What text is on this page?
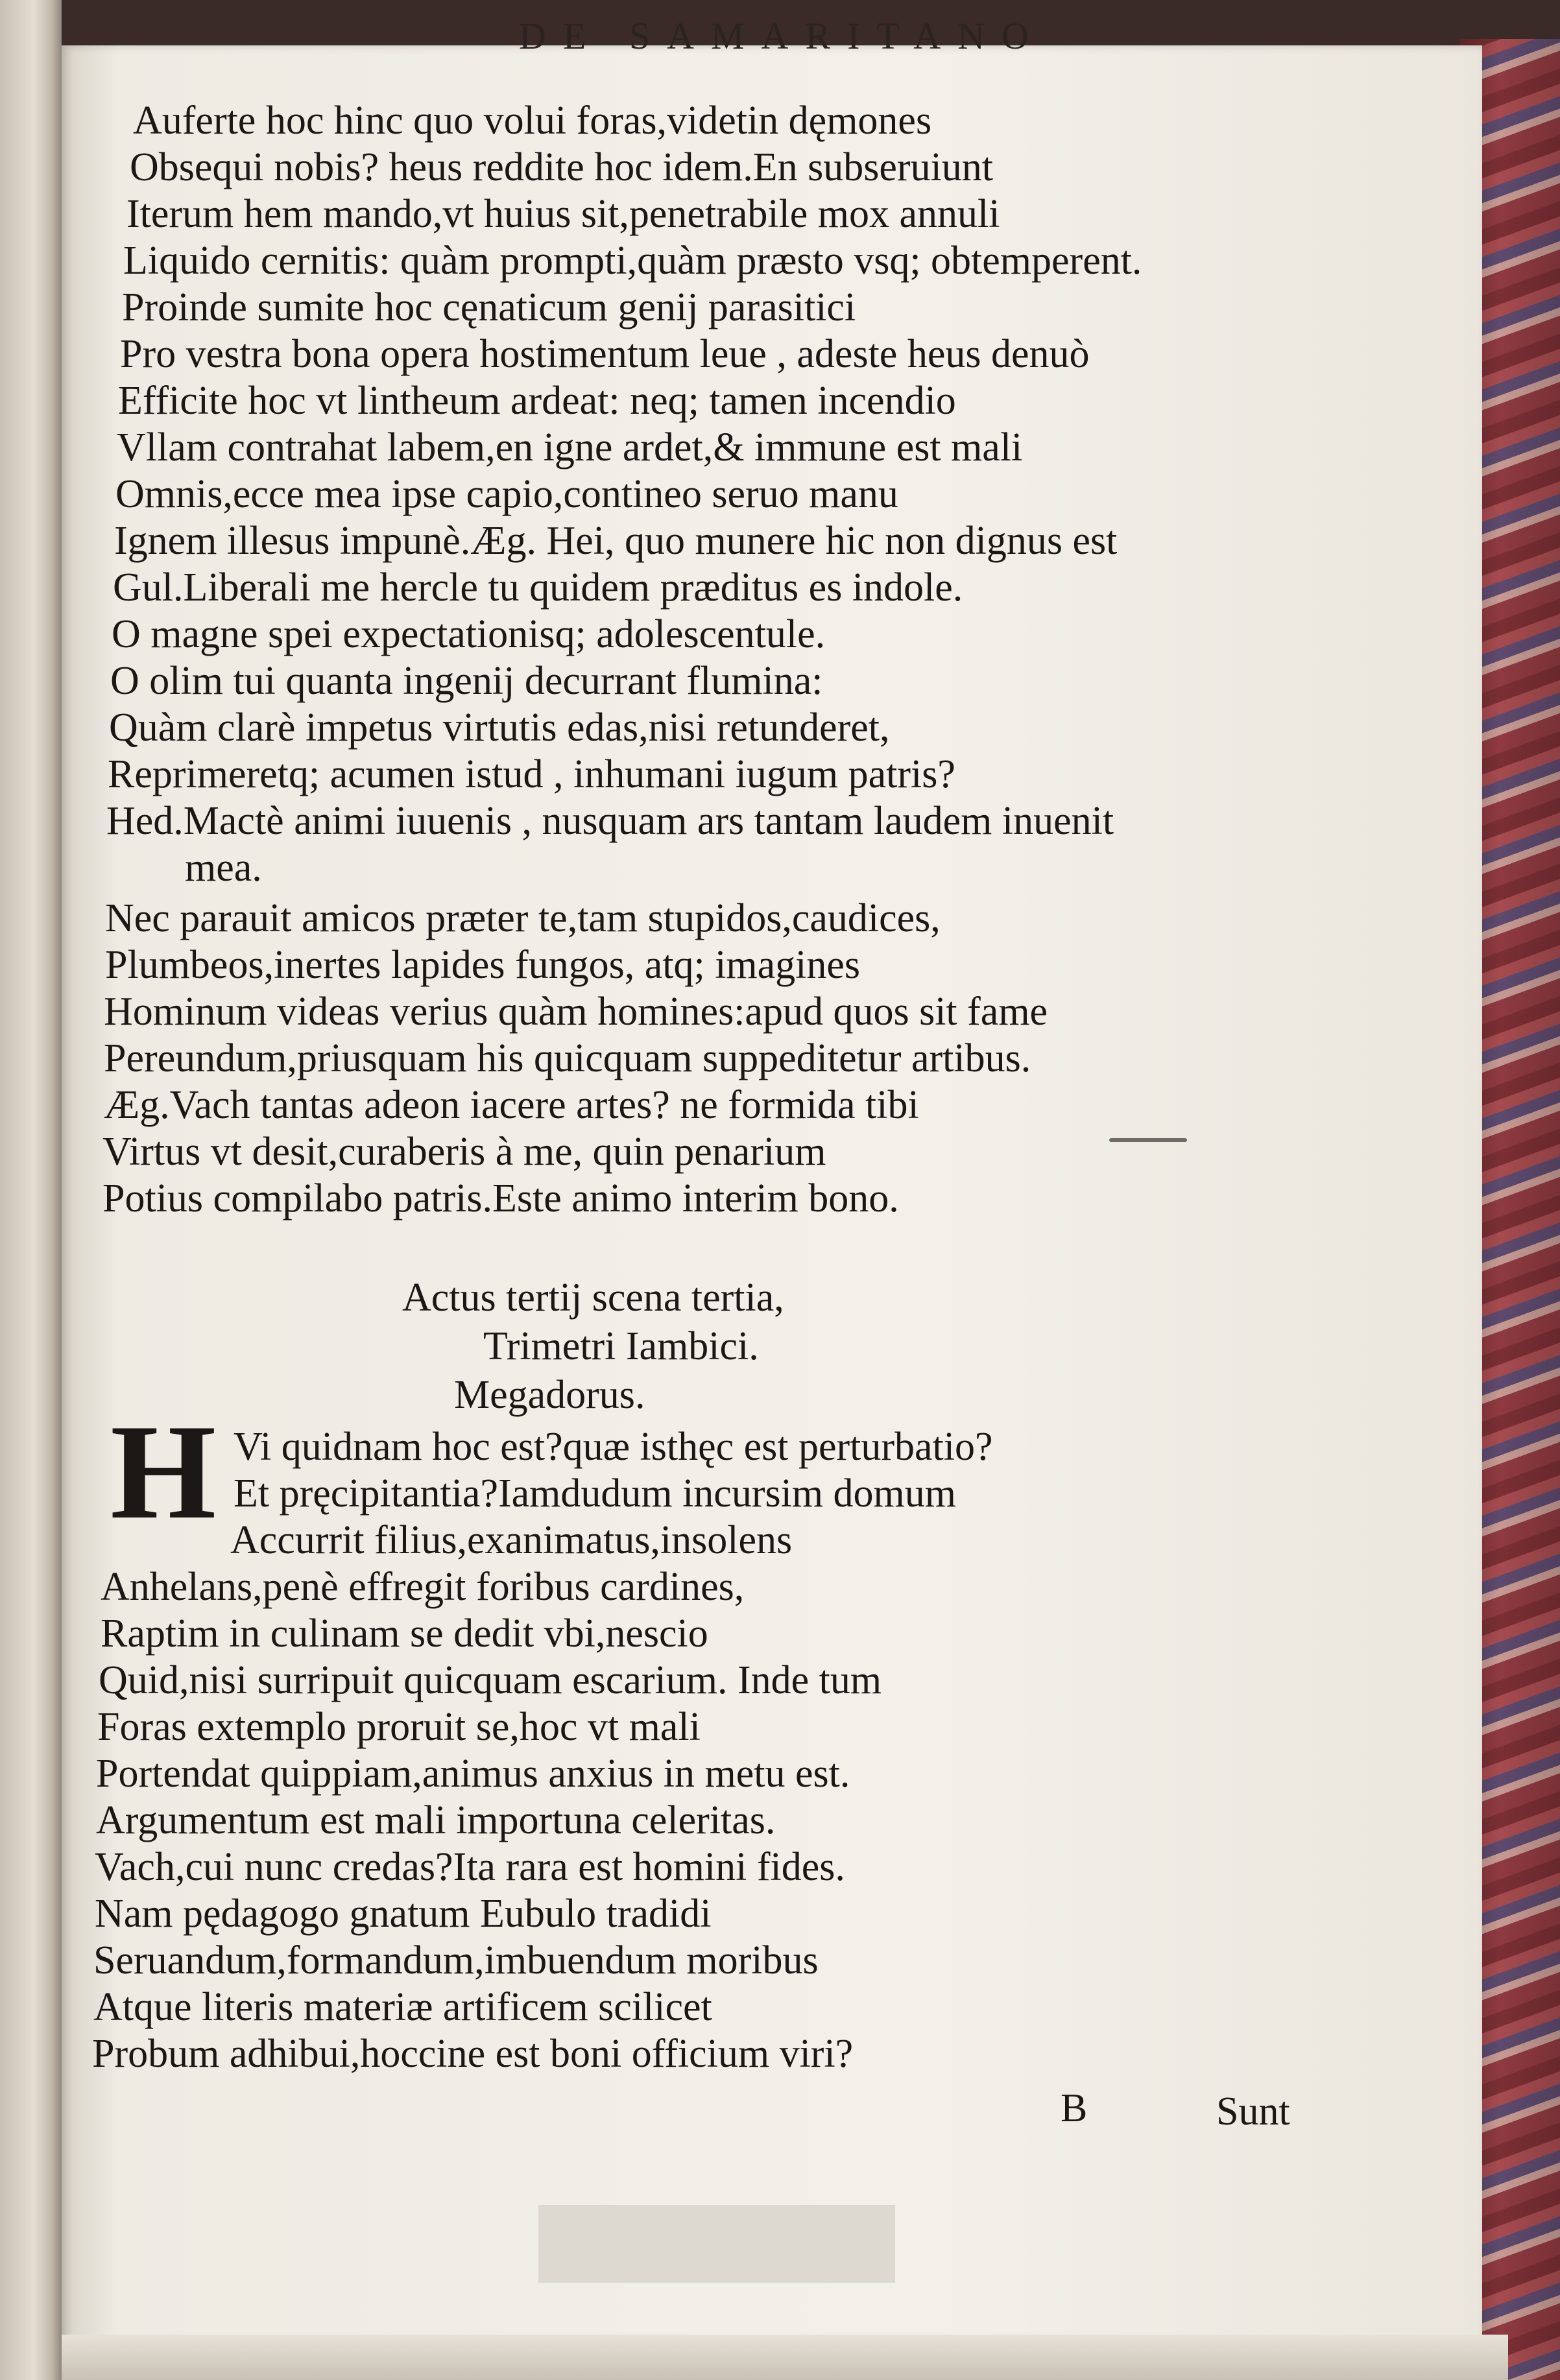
DE SAMARITANO
Auferte hoc hinc quo volui foras,videtin dęmones
Obsequi nobis? heus reddite hoc idem.En subseruiunt
Iterum hem mando,vt huius sit,penetrabile mox annuli
Liquido cernitis: quàm prompti,quàm præsto vsq; obtemperent.
Proinde sumite hoc cęnaticum genij parasitici
Pro vestra bona opera hostimentum leue , adeste heus denuò
Efficite hoc vt lintheum ardeat: neq; tamen incendio
Vllam contrahat labem,en igne ardet,& immune est mali
Omnis,ecce mea ipse capio,contineo seruo manu
Ignem illesus impunè.Æg. Hei, quo munere hic non dignus est
Gul.Liberali me hercle tu quidem præditus es indole.
O magne spei expectationisq; adolescentule.
O olim tui quanta ingenij decurrant flumina:
Quàm clarè impetus virtutis edas,nisi retunderet,
Reprimeretq; acumen istud , inhumani iugum patris?
Hed.Mactè animi iuuenis , nusquam ars tantam laudem inuenit
mea.
Nec parauit amicos præter te,tam stupidos,caudices,
Plumbeos,inertes lapides fungos, atq; imagines
Hominum videas verius quàm homines:apud quos sit fame
Pereundum,priusquam his quicquam suppeditetur artibus.
Æg.Vach tantas adeon iacere artes? ne formida tibi
Virtus vt desit,curaberis à me, quin penarium
Potius compilabo patris.Este animo interim bono.
Actus tertij scena tertia,
Trimetri Iambici.
Megadorus.
H Vi quidnam hoc est?quæ isthęc est perturbatio?
Et pręcipitantia?Iamdudum incursim domum
Accurrit filius,exanimatus,insolens
Anhelans,penè effregit foribus cardines,
Raptim in culinam se dedit vbi,nescio
Quid,nisi surripuit quicquam escarium. Inde tum
Foras extemplo proruit se,hoc vt mali
Portendat quippiam,animus anxius in metu est.
Argumentum est mali importuna celeritas.
Vach,cui nunc credas?Ita rara est homini fides.
Nam pędagogo gnatum Eubulo tradidi
Seruandum,formandum,imbuendum moribus
Atque literis materiæ artificem scilicet
Probum adhibui,hoccine est boni officium viri?
B	Sunt
